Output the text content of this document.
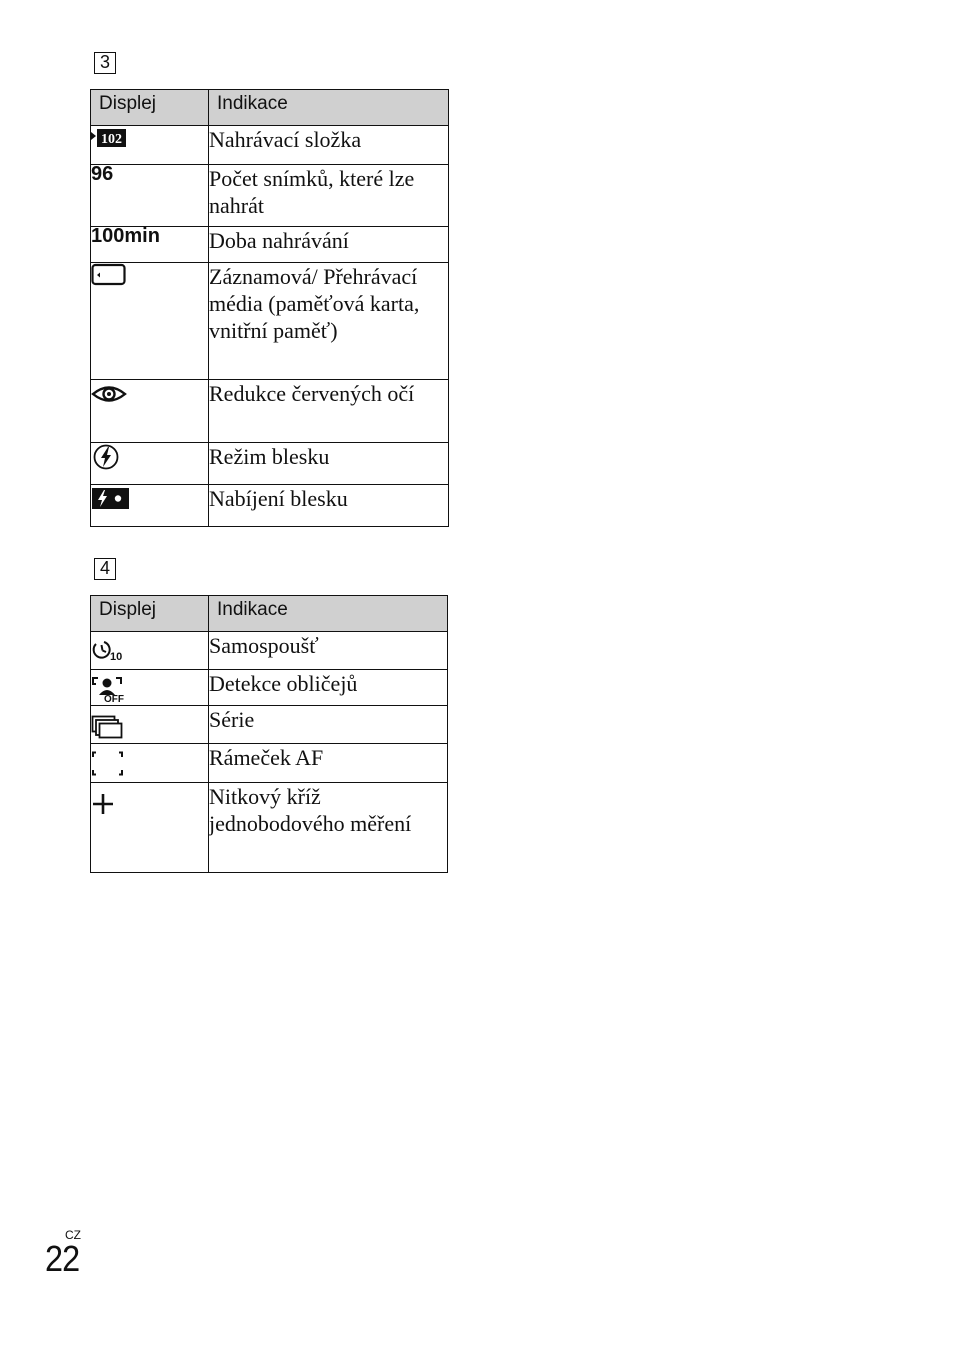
3
Displej	Indikace

102	Nahrávací složka

96	Počet snímků, které lze nahrát

100min	Doba nahrávání

	Záznamová/ Přehrávací média (paměťová karta, vnitřní paměť)

	Redukce červených očí

	Režim blesku

	Nabíjení blesku
4
Displej	Indikace

10	Samospoušť

OFF	Detekce obličejů

	Série

	Rámeček AF

	Nitkový kříž jednobodového měření
CZ
22
